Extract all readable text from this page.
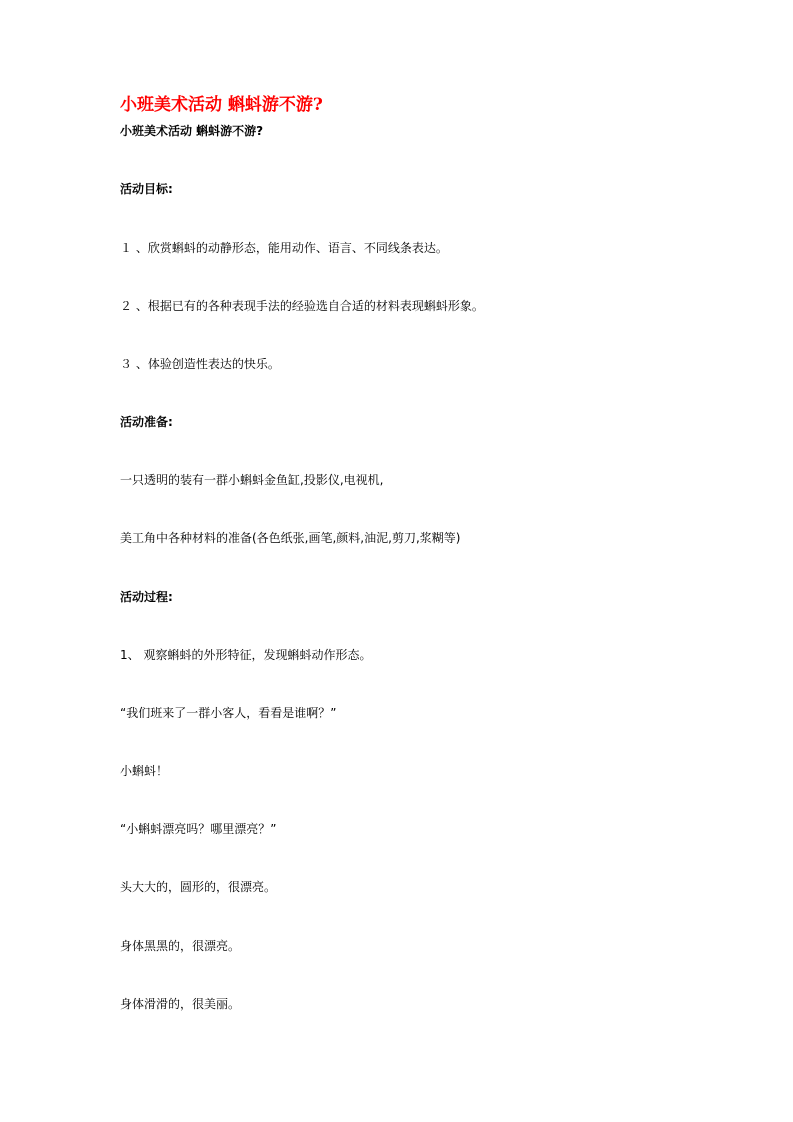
小班美术活动 蝌蚪游不游?
小班美术活动 蝌蚪游不游?
活动目标:
１ 、欣赏蝌蚪的动静形态，能用动作、语言、不同线条表达。
２ 、根据已有的各种表现手法的经验选自合适的材料表现蝌蚪形象。
３ 、体验创造性表达的快乐。
活动准备:
一只透明的装有一群小蝌蚪金鱼缸,投影仪,电视机,
美工角中各种材料的准备(各色纸张,画笔,颜料,油泥,剪刀,浆糊等)
活动过程:
1、 观察蝌蚪的外形特征，发现蝌蚪动作形态。
“我们班来了一群小客人，看看是谁啊？”
小蝌蚪！
“小蝌蚪漂亮吗？哪里漂亮？”
头大大的，圆形的，很漂亮。
身体黑黑的，很漂亮。
身体滑滑的，很美丽。
